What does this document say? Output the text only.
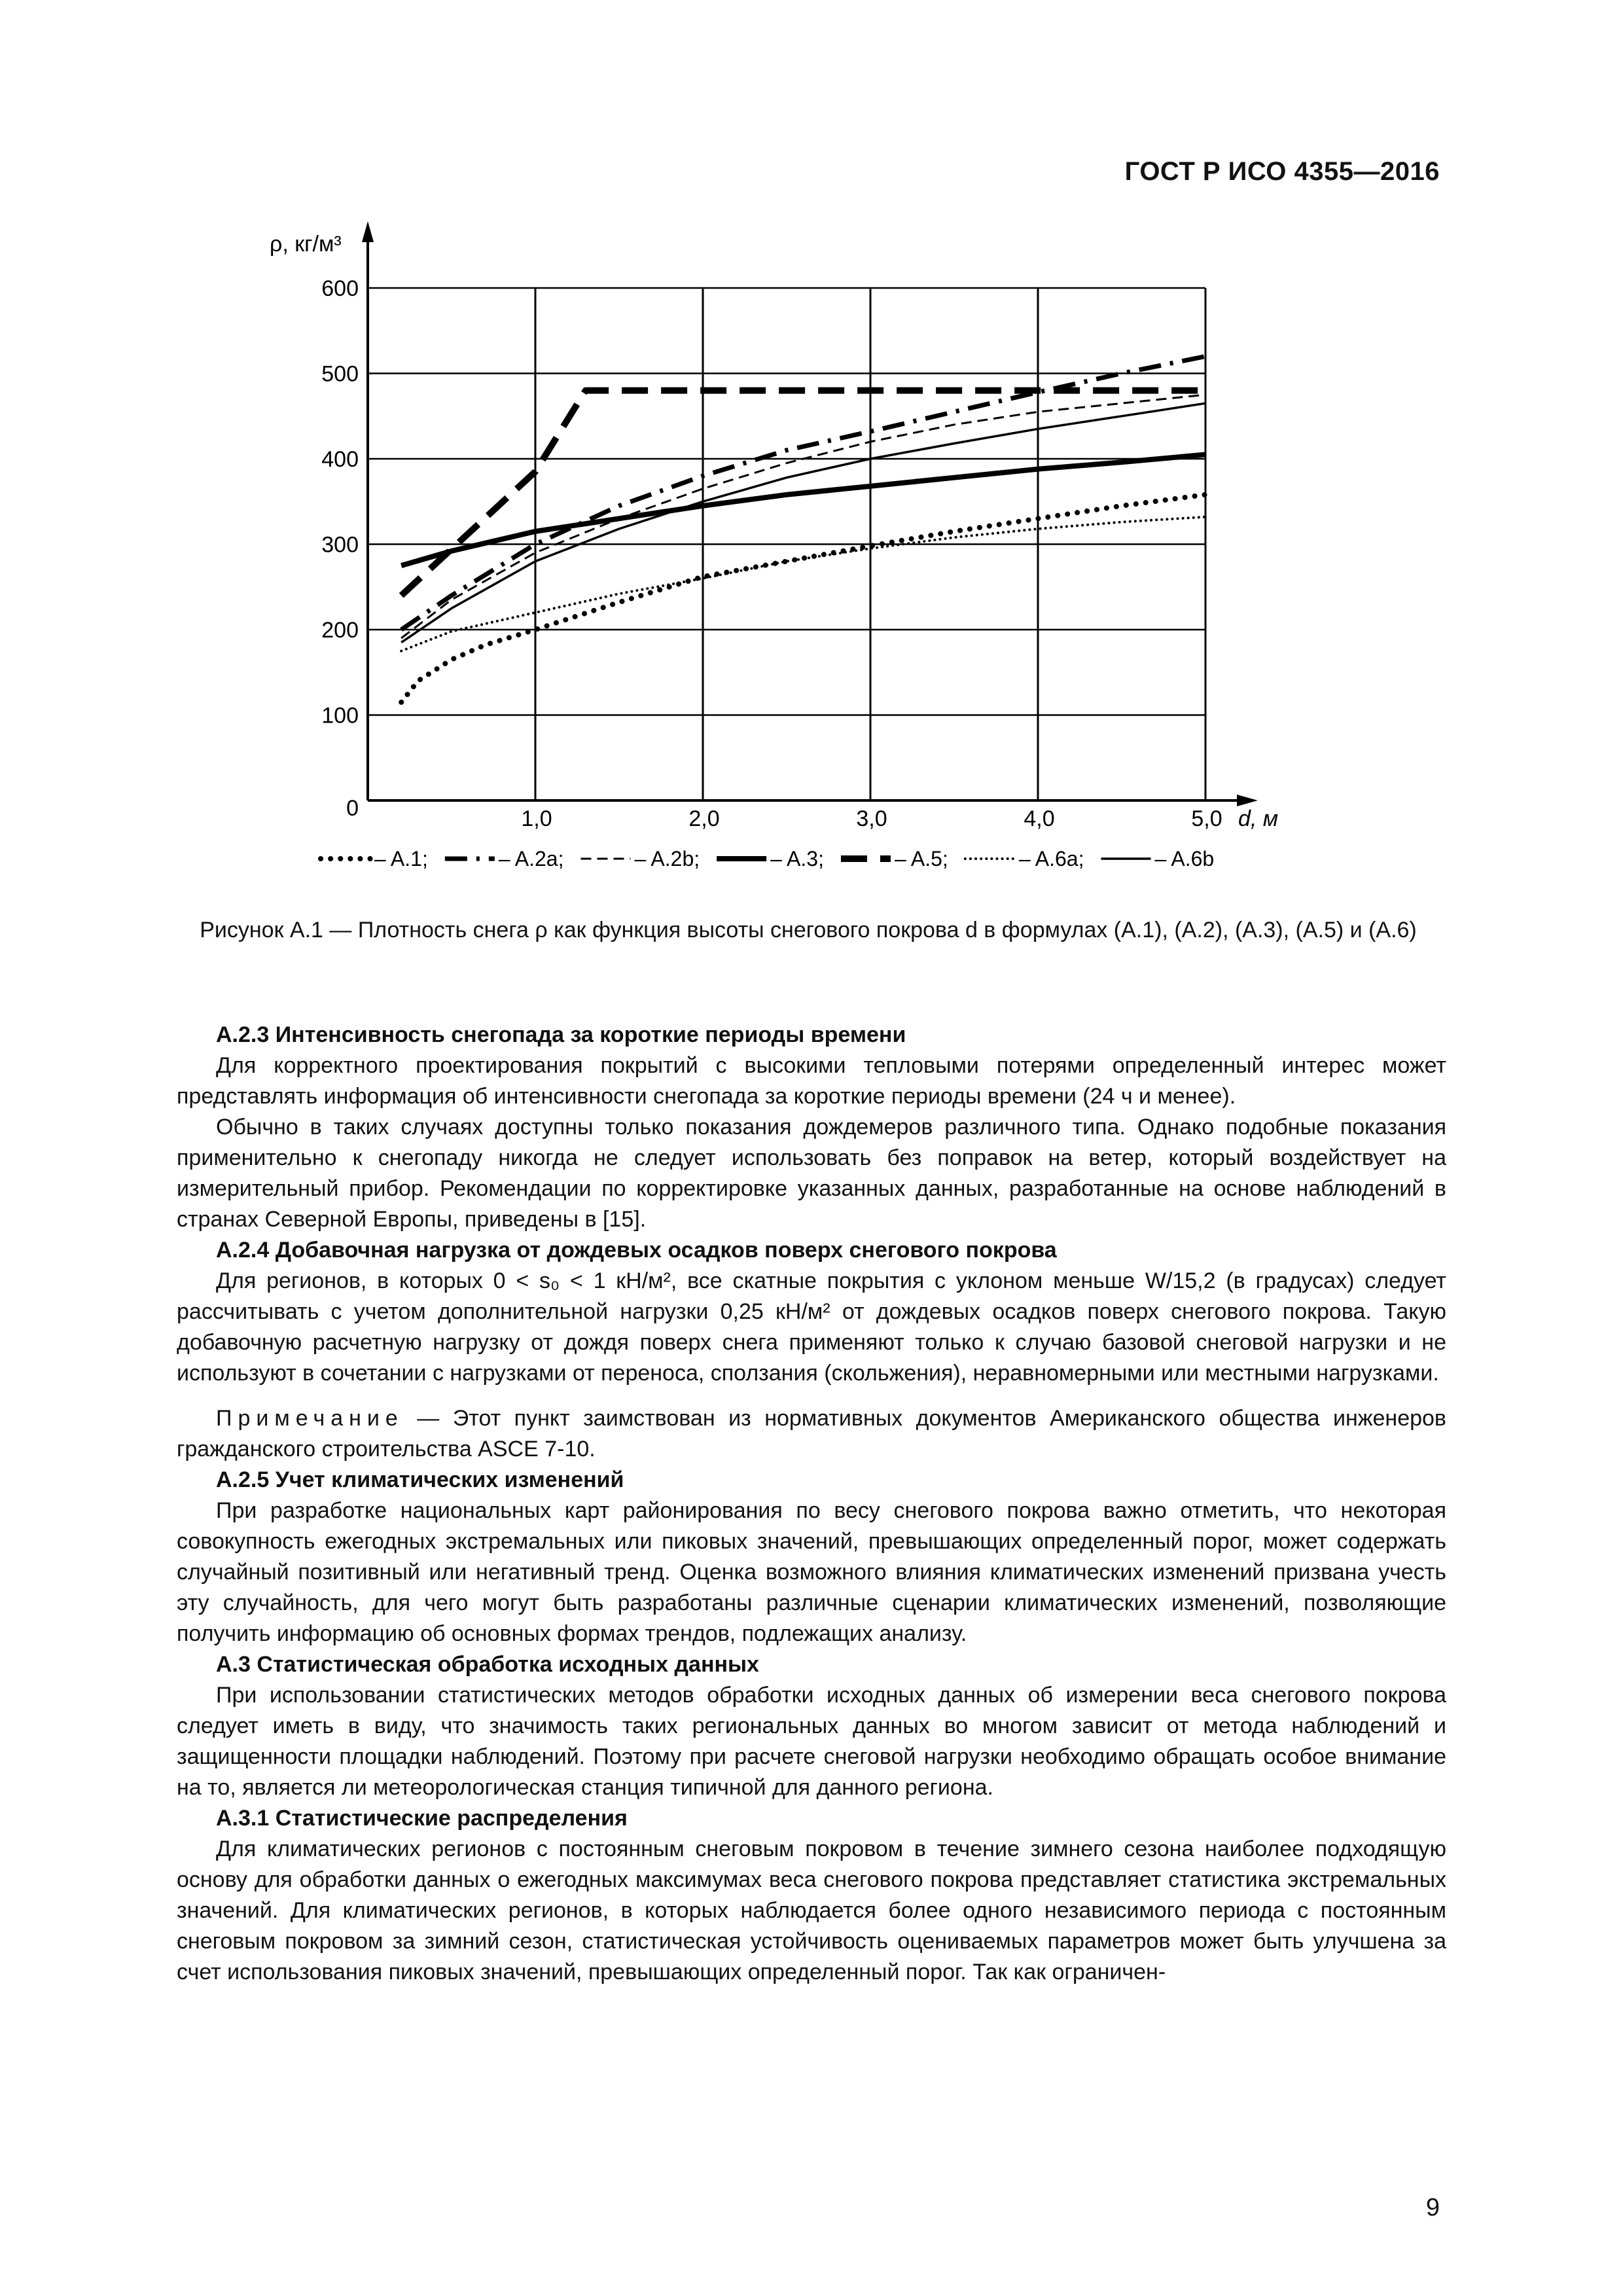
ГОСТ Р ИСО 4355—2016
100
200
300
400
500
600
0	1,0	2,0	3,0	4,0	5,0
ρ, кг/м³
d, м
– A.1;	– A.2a;	– A.2b;	– A.3;	– A.5;	– A.6a;	– A.6b
Рисунок А.1 — Плотность снега ρ как функция высоты снегового покрова d в формулах (А.1), (А.2), (А.3), (А.5) и (А.6)

А.2.3 Интенсивность снегопада за короткие периоды времени

Для корректного проектирования покрытий с высокими тепловыми потерями определенный интерес может представлять информация об интенсивности снегопада за короткие периоды времени (24 ч и менее).

Обычно в таких случаях доступны только показания дождемеров различного типа. Однако подобные показания применительно к снегопаду никогда не следует использовать без поправок на ветер, который воздействует на измерительный прибор. Рекомендации по корректировке указанных данных, разработанные на основе наблюдений в странах Северной Европы, приведены в [15].

А.2.4 Добавочная нагрузка от дождевых осадков поверх снегового покрова

Для регионов, в которых 0 < s₀ < 1 кН/м², все скатные покрытия с уклоном меньше W/15,2 (в градусах) следует рассчитывать с учетом дополнительной нагрузки 0,25 кН/м² от дождевых осадков поверх снегового покрова. Такую добавочную расчетную нагрузку от дождя поверх снега применяют только к случаю базовой снеговой нагрузки и не используют в сочетании с нагрузками от переноса, сползания (скольжения), неравномерными или местными нагрузками.

Примечание — Этот пункт заимствован из нормативных документов Американского общества инженеров гражданского строительства ASCE 7-10.

А.2.5 Учет климатических изменений

При разработке национальных карт районирования по весу снегового покрова важно отметить, что некоторая совокупность ежегодных экстремальных или пиковых значений, превышающих определенный порог, может содержать случайный позитивный или негативный тренд. Оценка возможного влияния климатических изменений призвана учесть эту случайность, для чего могут быть разработаны различные сценарии климатических изменений, позволяющие получить информацию об основных формах трендов, подлежащих анализу.

А.3 Статистическая обработка исходных данных

При использовании статистических методов обработки исходных данных об измерении веса снегового покрова следует иметь в виду, что значимость таких региональных данных во многом зависит от метода наблюдений и защищенности площадки наблюдений. Поэтому при расчете снеговой нагрузки необходимо обращать особое внимание на то, является ли метеорологическая станция типичной для данного региона.

А.3.1 Статистические распределения

Для климатических регионов с постоянным снеговым покровом в течение зимнего сезона наиболее подходящую основу для обработки данных о ежегодных максимумах веса снегового покрова представляет статистика экстремальных значений. Для климатических регионов, в которых наблюдается более одного независимого периода с постоянным снеговым покровом за зимний сезон, статистическая устойчивость оцениваемых параметров может быть улучшена за счет использования пиковых значений, превышающих определенный порог. Так как ограничен-

9
